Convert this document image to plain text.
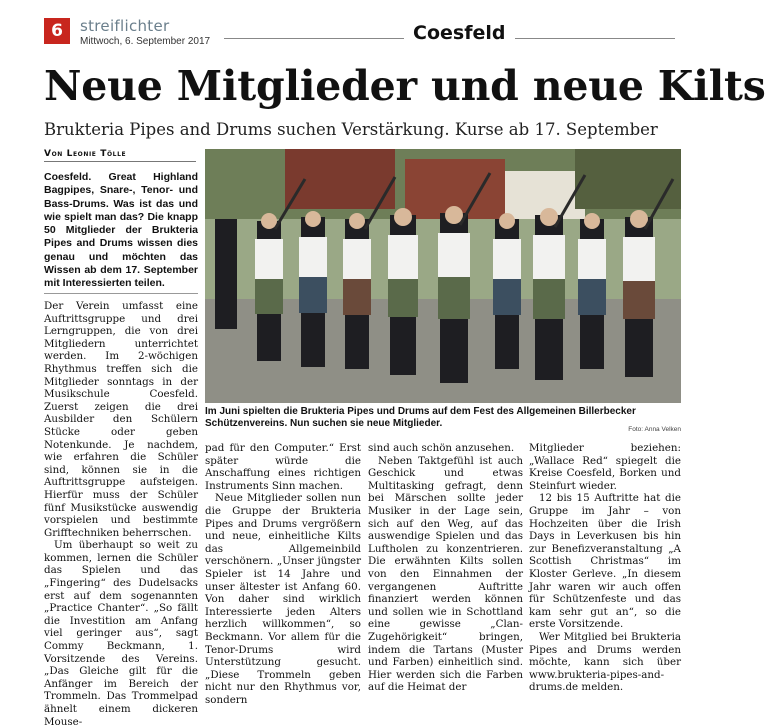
6	streiflichter
Mittwoch, 6. September 2017	Coesfeld
Neue Mitglieder und neue Kilts
Brukteria Pipes and Drums suchen Verstärkung. Kurse ab 17. September
Von Leonie Tölle
Coesfeld. Great Highland Bagpipes, Snare-, Tenor- und Bass-Drums. Was ist das und wie spielt man das? Die knapp 50 Mitglieder der Brukteria Pipes and Drums wissen dies genau und möchten das Wissen ab dem 17. September mit Interessierten teilen.

Der Verein umfasst eine Auftrittsgruppe und drei Lerngruppen, die von drei Mitgliedern unterrichtet werden. Im 2-wöchigen Rhythmus treffen sich die Mitglieder sonntags in der Musikschule Coesfeld. Zuerst zeigen die drei Ausbilder den Schülern Stücke oder geben Notenkunde. Je nachdem, wie erfahren die Schüler sind, können sie in die Auftrittsgruppe aufsteigen. Hierfür muss der Schüler fünf Musikstücke auswendig vorspielen und bestimmte Grifftechniken beherrschen.

Um überhaupt so weit zu kommen, lernen die Schüler das Spielen und das „Fingering“ des Dudelsacks erst auf dem sogenannten „Practice Chanter“. „So fällt die Investition am Anfang viel geringer aus“, sagt Commy Beckmann, 1. Vorsitzende des Vereins. „Das Gleiche gilt für die Anfänger im Bereich der Trommeln. Das Trommelpad ähnelt einem dickeren Mouse-

Im Juni spielten die Brukteria Pipes und Drums auf dem Fest des Allgemeinen Billerbecker Schützenvereins. Nun suchen sie neue Mitglieder.
Foto: Anna Velken

pad für den Computer.“ Erst später würde die Anschaffung eines richtigen Instruments Sinn machen.

Neue Mitglieder sollen nun die Gruppe der Brukteria Pipes and Drums vergrößern und neue, einheitliche Kilts das Allgemeinbild verschönern. „Unser jüngster Spieler ist 14 Jahre und unser ältester ist Anfang 60. Von daher sind wirklich Interessierte jeden Alters herzlich willkommen“, so Beckmann. Vor allem für die Tenor-Drums wird Unterstützung gesucht. „Diese Trommeln geben nicht nur den Rhythmus vor, sondern

sind auch schön anzusehen.

Neben Taktgefühl ist auch Geschick und etwas Multitasking gefragt, denn bei Märschen sollte jeder Musiker in der Lage sein, sich auf den Weg, auf das auswendige Spielen und das Luftholen zu konzentrieren. Die erwähnten Kilts sollen von den Einnahmen der vergangenen Auftritte finanziert werden können und sollen wie in Schottland eine gewisse „Clan-Zugehörigkeit“ bringen, indem die Tartans (Muster und Farben) einheitlich sind. Hier werden sich die Farben auf die Heimat der

Mitglieder beziehen: „Wallace Red“ spiegelt die Kreise Coesfeld, Borken und Steinfurt wieder.

12 bis 15 Auftritte hat die Gruppe im Jahr – von Hochzeiten über die Irish Days in Leverkusen bis hin zur Benefizveranstaltung „A Scottish Christmas“ im Kloster Gerleve. „In diesem Jahr waren wir auch offen für Schützenfeste und das kam sehr gut an“, so die erste Vorsitzende.

Wer Mitglied bei Brukteria Pipes and Drums werden möchte, kann sich über www.brukteria-pipes-and-drums.de melden.
